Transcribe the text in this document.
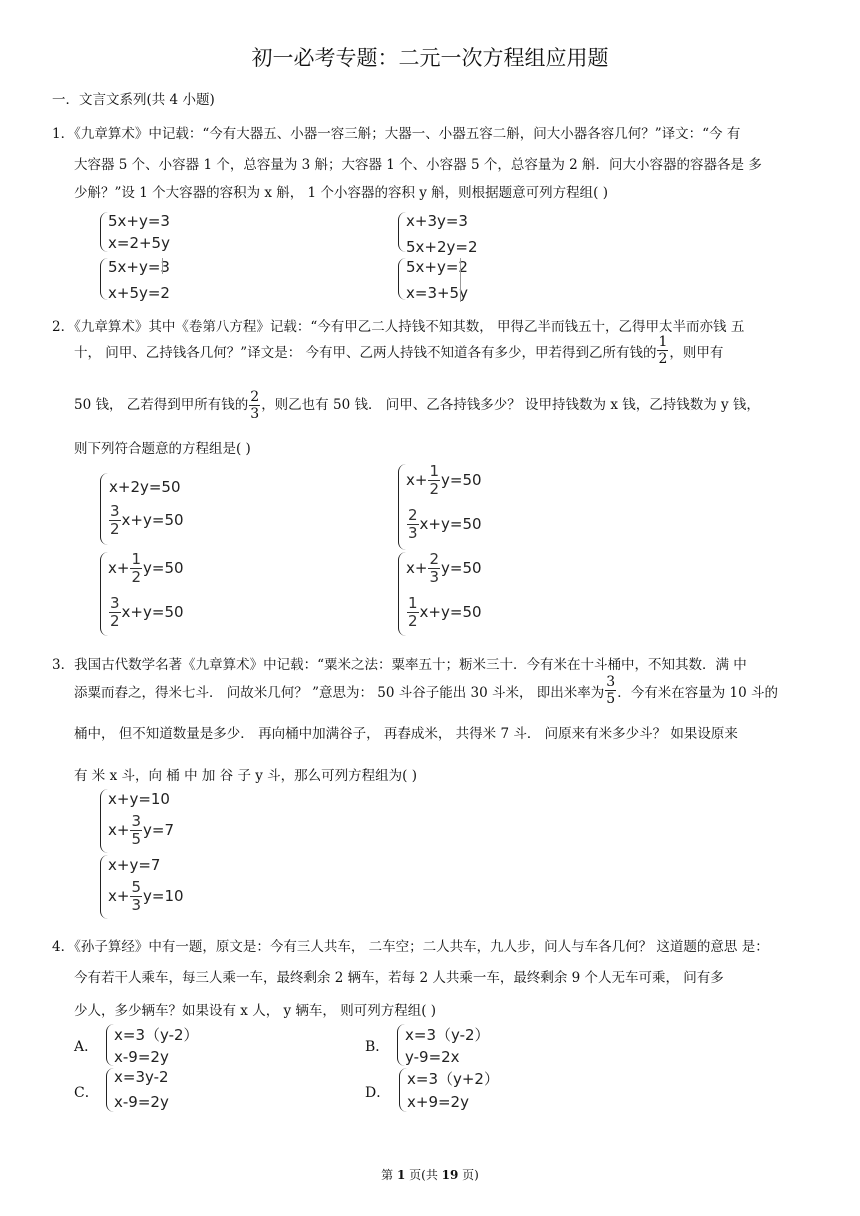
初一必考专题：二元一次方程组应用题
一．文言文系列(共 4 小题)
1．《九章算术》中记载：“今有大器五、小器一容三斛；大器一、小器五容二斛，问大小器各容几何？”译文：“今 有
大容器 5 个、小容器 1 个，总容量为 3 斛；大容器 1 个、小容器 5 个，总容量为 2 斛．问大小容器的容器各是 多
少斛？”设 1 个大容器的容积为 x 斛， 1 个小容器的容积 y 斛，则根据题意可列方程组( )
5x+y=3
x=2+5y
x+3y=3
5x+2y=2
5x+y=3
x+5y=2
5x+y=2
x=3+5y
2．《九章算术》其中《卷第八方程》记载：“今有甲乙二人持钱不知其数， 甲得乙半而钱五十，乙得甲太半而亦钱 五
十， 问甲、乙持钱各几何？”译文是： 今有甲、乙两人持钱不知道各有多少，甲若得到乙所有钱的 $\frac{1}{2}$ ，则甲有
50 钱， 乙若得到甲所有钱的 $\frac{2}{3}$ ，则乙也有 50 钱． 问甲、乙各持钱多少？ 设甲持钱数为 x 钱，乙持钱数为 y 钱，
则下列符合题意的方程组是( )
x+2y=50
$\frac{3}{2} x+y=50$
$x+ \frac{1}{2} y=50$
$\frac{2}{3} x+y=50$
$x+ \frac{1}{2} y=50$
$\frac{3}{2} x+y=50$
$x+ \frac{2}{3} y=50$
$\frac{1}{2} x+y=50$
3．我国古代数学名著《九章算术》中记载：“粟米之法：粟率五十；粝米三十．今有米在十斗桶中，不知其数．满 中
添粟而舂之，得米七斗． 问故米几何？ ”意思为： 50 斗谷子能出 30 斗米， 即出米率为 $\frac{3}{5}$ ．今有米在容量为 10 斗的
桶中， 但不知道数量是多少． 再向桶中加满谷子， 再舂成米， 共得米 7 斗． 问原来有米多少斗？ 如果设原来
有 米 x 斗，向 桶 中 加 谷 子 y 斗，那么可列方程组为( )
x+y=10
$x+ \frac{3}{5} y=7$
x+y=7
$x+ \frac{5}{3} y=10$
4．《孙子算经》中有一题，原文是：今有三人共车， 二车空；二人共车，九人步，问人与车各几何？ 这道题的意思 是：
今有若干人乘车，每三人乘一车，最终剩余 2 辆车，若每 2 人共乘一车，最终剩余 9 个人无车可乘， 问有多
少人，多少辆车？如果设有 x 人， y 辆车， 则可列方程组( )
A．
x=3（y-2）
x-9=2y
B．
x=3（y-2）
y-9=2x
C．
x=3y-2
x-9=2y	D．
x=3（y+2）
x+9=2y
第 1 页(共 19 页)
